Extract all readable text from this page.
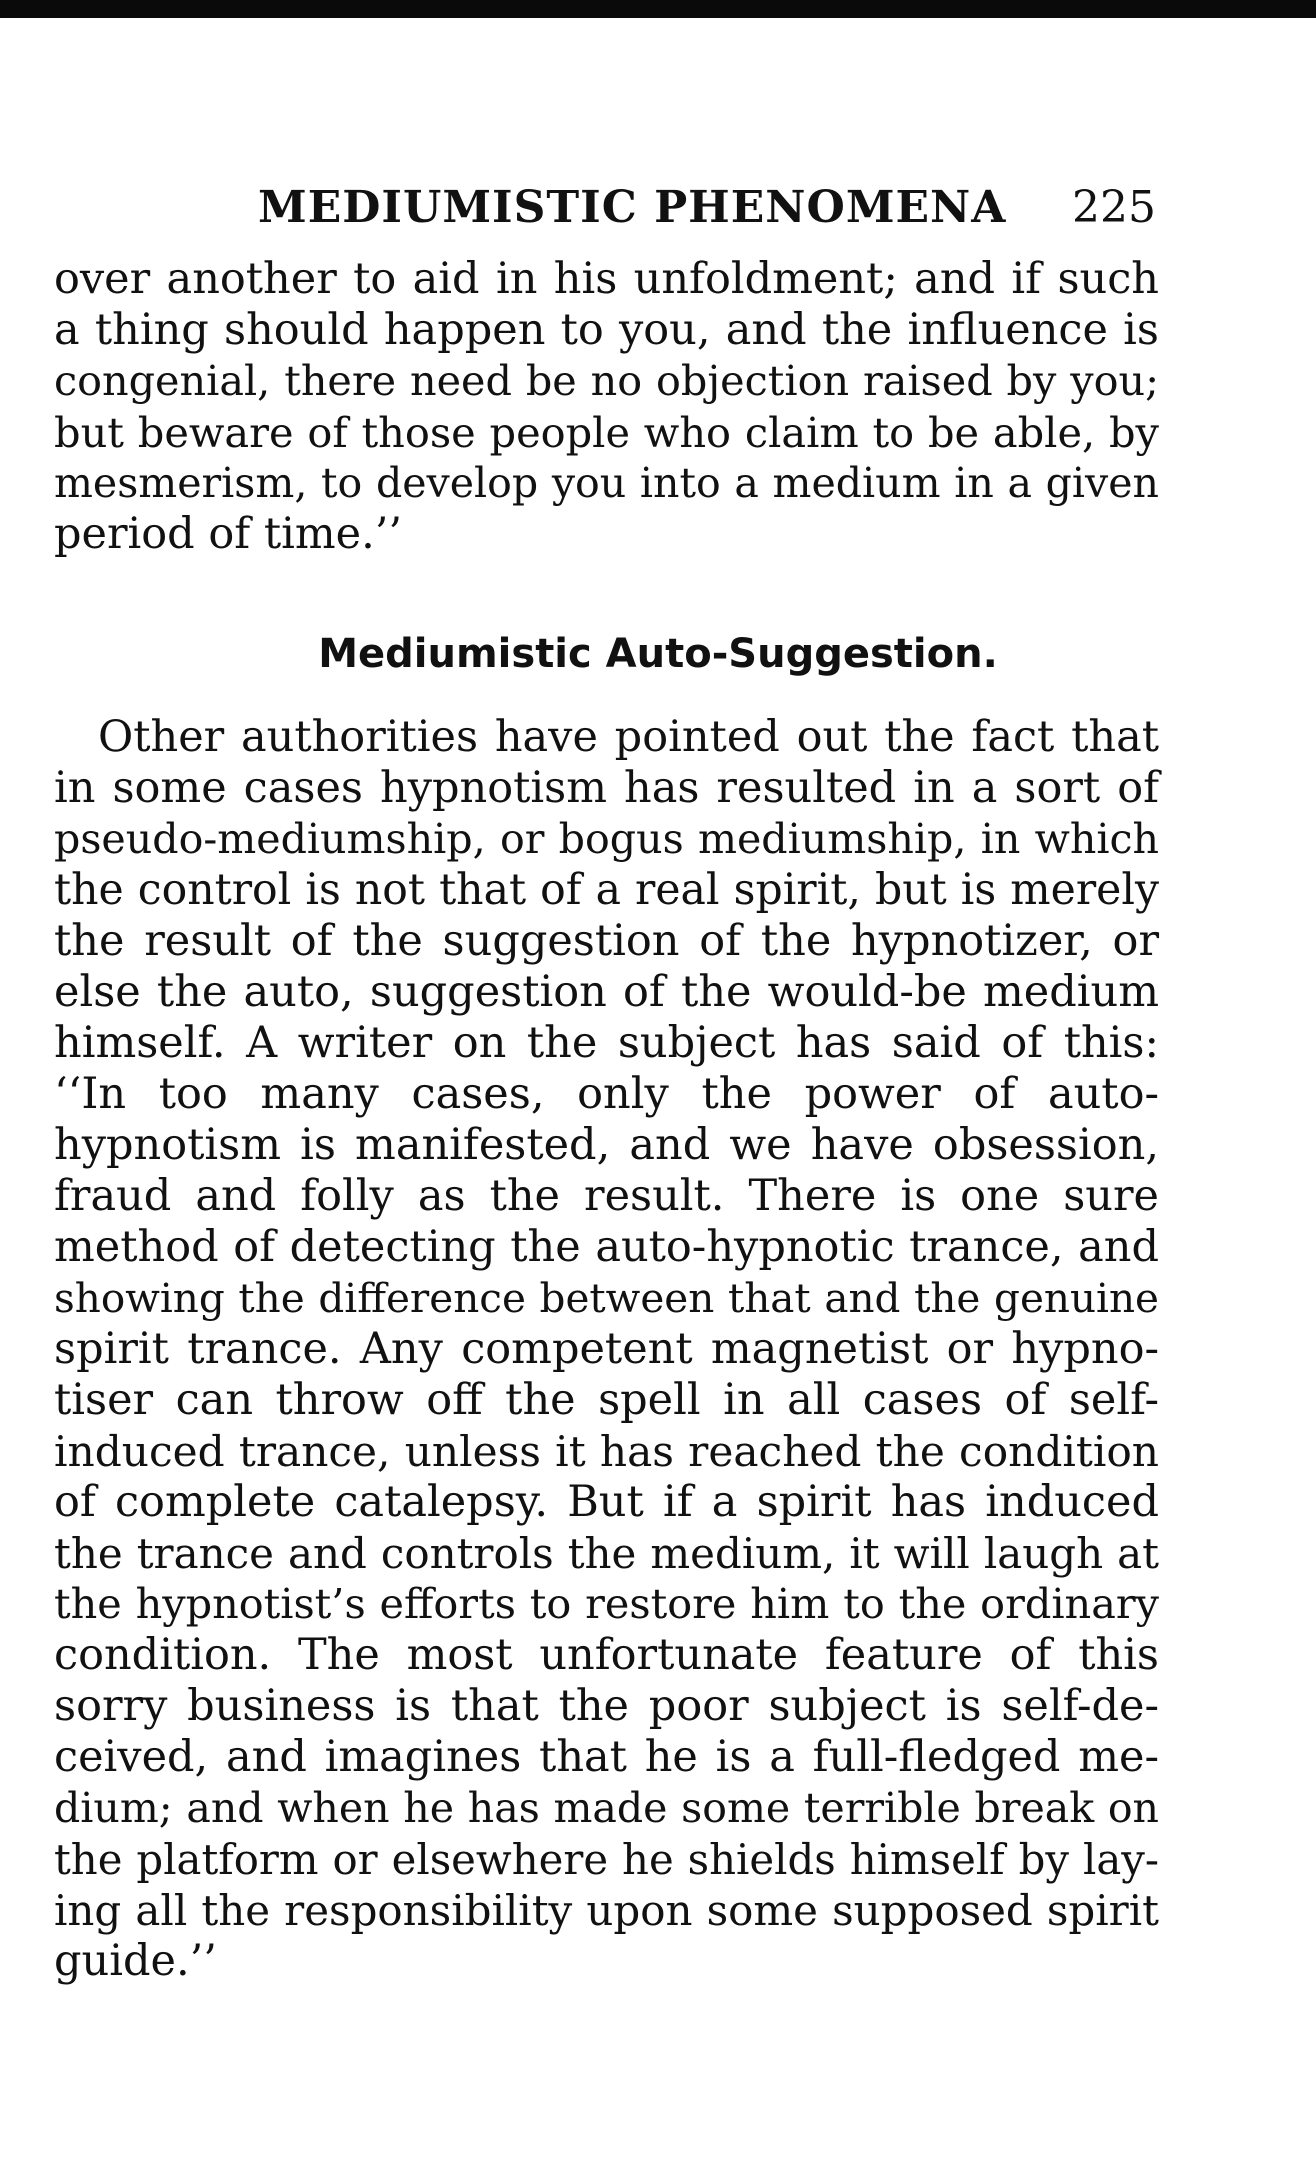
MEDIUMISTIC PHENOMENA 225
over another to aid in his unfoldment; and if such
a thing should happen to you, and the influence is
congenial, there need be no objection raised by you;
but beware of those people who claim to be able, by
mesmerism, to develop you into a medium in a given
period of time.’’
Mediumistic Auto-Suggestion.
Other authorities have pointed out the fact that
in some cases hypnotism has resulted in a sort of
pseudo-mediumship, or bogus mediumship, in which
the control is not that of a real spirit, but is merely
the result of the suggestion of the hypnotizer, or
else the auto, suggestion of the would-be medium
himself. A writer on the subject has said of this:
‘‘In too many cases, only the power of auto-
hypnotism is manifested, and we have obsession,
fraud and folly as the result. There is one sure
method of detecting the auto-hypnotic trance, and
showing the difference between that and the genuine
spirit trance. Any competent magnetist or hypno-
tiser can throw off the spell in all cases of self-
induced trance, unless it has reached the condition
of complete catalepsy. But if a spirit has induced
the trance and controls the medium, it will laugh at
the hypnotist’s efforts to restore him to the ordinary
condition. The most unfortunate feature of this
sorry business is that the poor subject is self-de-
ceived, and imagines that he is a full-fledged me-
dium; and when he has made some terrible break on
the platform or elsewhere he shields himself by lay-
ing all the responsibility upon some supposed spirit
guide.’’
